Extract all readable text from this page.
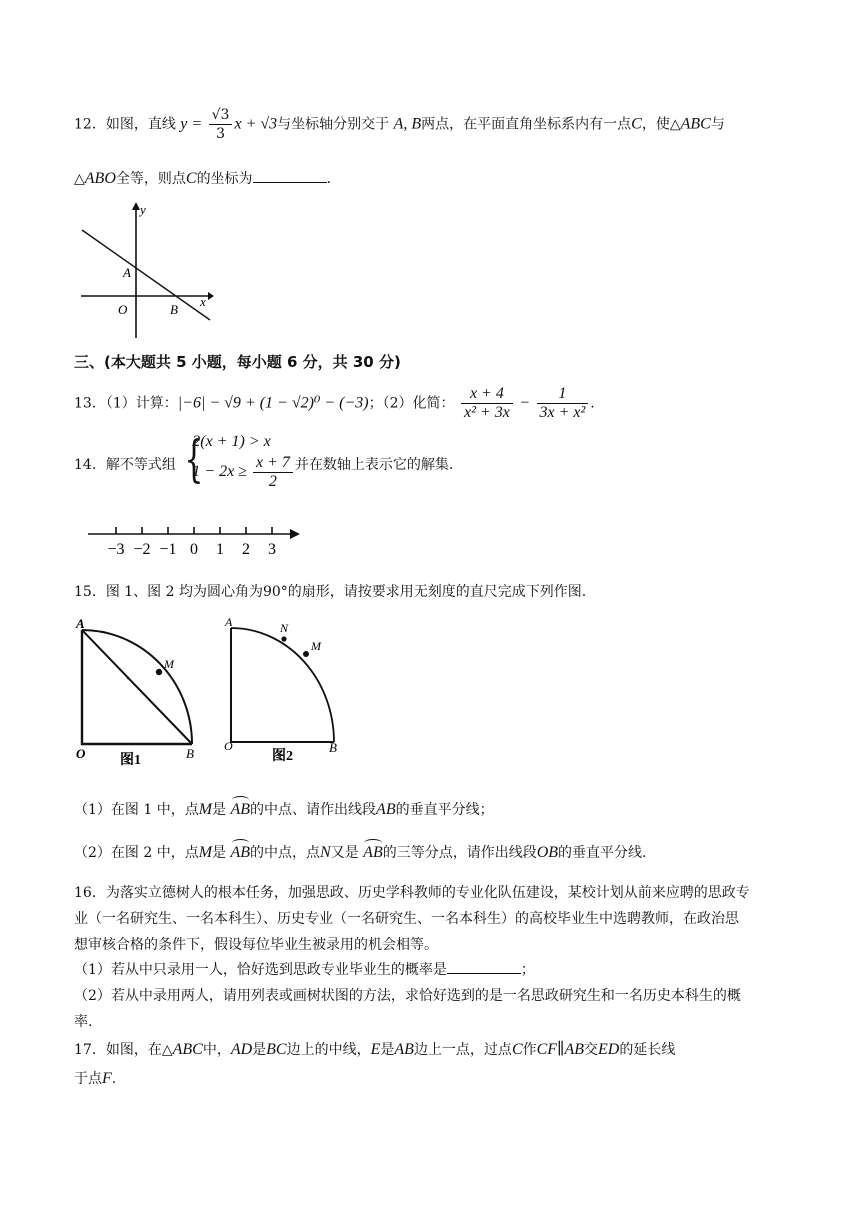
12．如图，直线 $y = \frac{√3}{3}$ x + √3与坐标轴分别交于 A, B两点，在平面直角坐标系内有一点C，使△ABC与
△ABO全等，则点C的坐标为	.
y
x
A
O	B
三、(本大题共 5 小题，每小题 6 分，共 30 分)
13．（1）计算：|−6| − √9 + (1 − √2)⁰ − (−3)；（2）化简： $\frac{x + 4}{\text{x² + 3x}} - \frac{1}{\text{3x + x²}}$ .
14．解不等式组
{ 2(x + 1) > x
$1 - 2x \ge \frac{x + 7}{2}$ 并在数轴上表示它的解集.
−3 −2 −1 0 1 2 3
15．图 1、图 2 均为圆心角为90°的扇形，请按要求用无刻度的直尺完成下列作图.
A
M
O	B
图1
A	N
M
O	B
图2
（1）在图 1 中，点M是 AB的中点、请作出线段AB的垂直平分线；
（2）在图 2 中，点M是 AB的中点，点N又是 AB的三等分点，请作出线段OB的垂直平分线.
16．为落实立德树人的根本任务，加强思政、历史学科教师的专业化队伍建设，某校计划从前来应聘的思政专
业（一名研究生、一名本科生）、历史专业（一名研究生、一名本科生）的高校毕业生中选聘教师，在政治思
想审核合格的条件下，假设每位毕业生被录用的机会相等。
（1）若从中只录用一人，恰好选到思政专业毕业生的概率是	；
（2）若从中录用两人，请用列表或画树状图的方法，求恰好选到的是一名思政研究生和一名历史本科生的概
率.
17．如图，在△ABC中，AD是BC边上的中线，E是AB边上一点，过点C作CF∥AB交ED的延长线
于点F.
